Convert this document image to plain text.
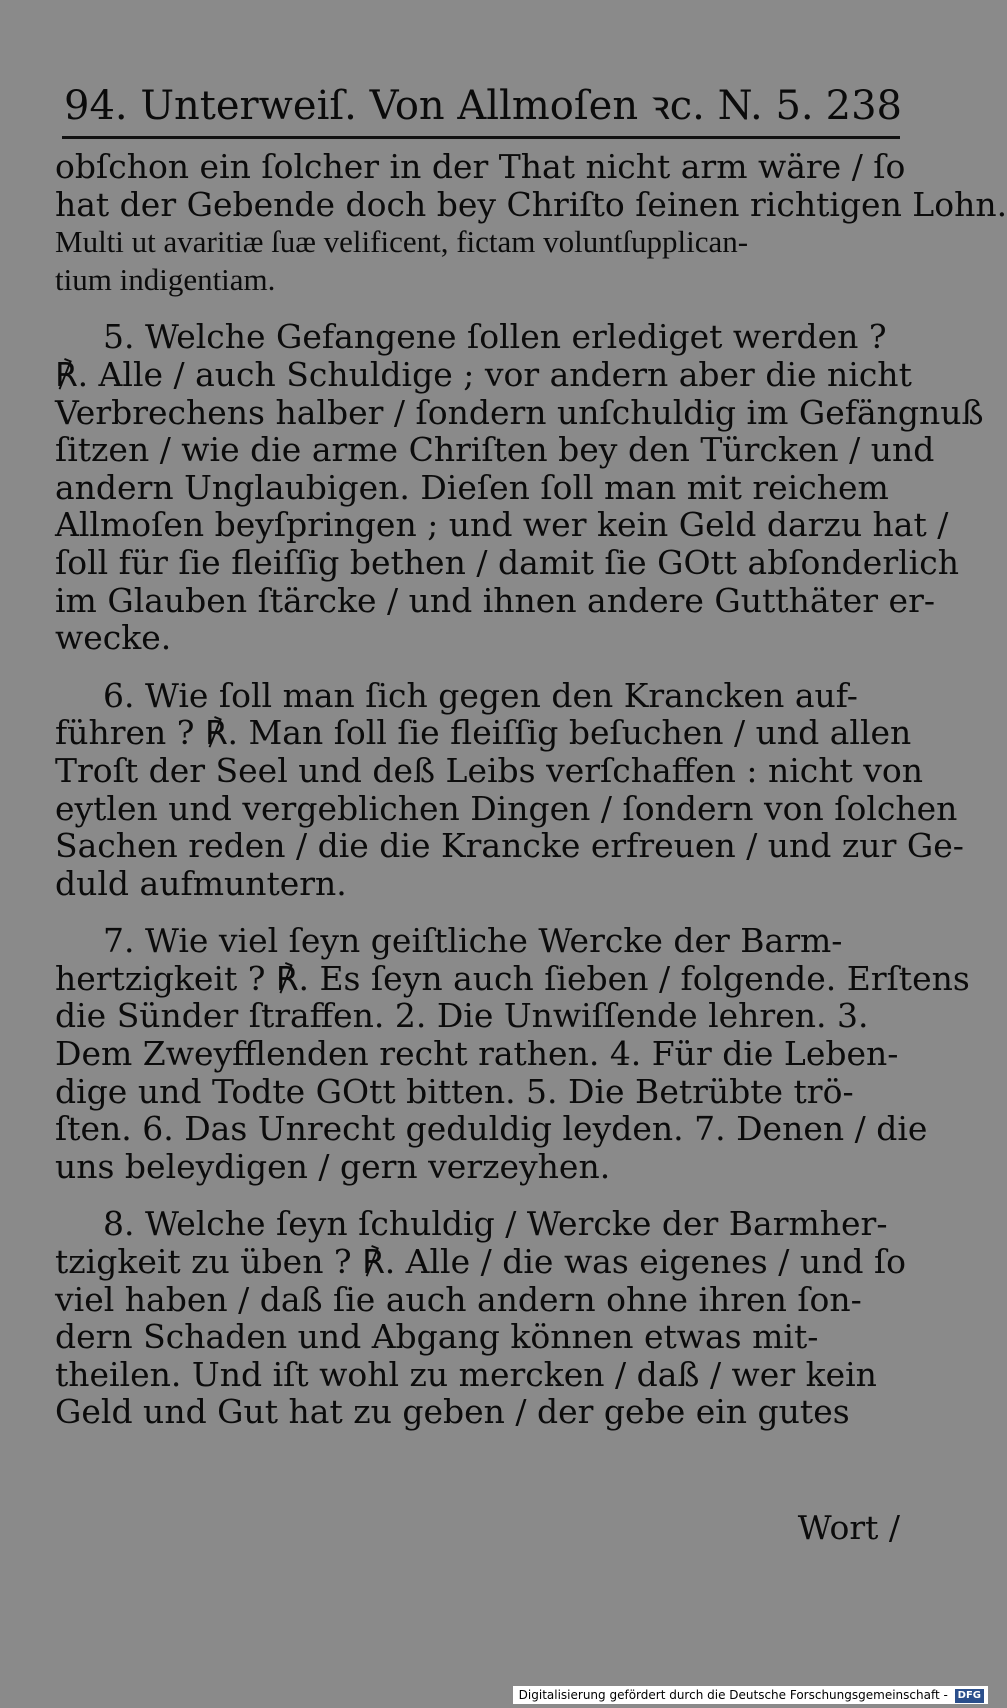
94. Unterweiſ. Von Allmoſen ꝛc. N. 5. 238
obſchon ein ſolcher in der That nicht arm wäre / ſo
hat der Gebende doch bey Chriſto ſeinen richtigen Lohn.
Multi ut avaritiæ ſuæ velificent, fictam voluntſupplican-
tium indigentiam.
5. Welche Gefangene ſollen erlediget werden ?
℟. Alle / auch Schuldige ; vor andern aber die nicht
Verbrechens halber / ſondern unſchuldig im Gefängnuß
ſitzen / wie die arme Chriſten bey den Türcken / und
andern Unglaubigen. Dieſen ſoll man mit reichem
Allmoſen beyſpringen ; und wer kein Geld darzu hat /
ſoll für ſie fleiſſig bethen / damit ſie GOtt abſonderlich
im Glauben ſtärcke / und ihnen andere Gutthäter er-
wecke.
6. Wie ſoll man ſich gegen den Krancken auf-
führen ? ℟. Man ſoll ſie fleiſſig beſuchen / und allen
Troſt der Seel und deß Leibs verſchaffen : nicht von
eytlen und vergeblichen Dingen / ſondern von ſolchen
Sachen reden / die die Krancke erfreuen / und zur Ge-
duld aufmuntern.
7. Wie viel ſeyn geiſtliche Wercke der Barm-
hertzigkeit ? ℟. Es ſeyn auch ſieben / folgende. Erſtens
die Sünder ſtraffen. 2. Die Unwiſſende lehren. 3.
Dem Zweyfflenden recht rathen. 4. Für die Leben-
dige und Todte GOtt bitten. 5. Die Betrübte trö-
ſten. 6. Das Unrecht geduldig leyden. 7. Denen / die
uns beleydigen / gern verzeyhen.
8. Welche ſeyn ſchuldig / Wercke der Barmher-
tzigkeit zu üben ? ℟. Alle / die was eigenes / und ſo
viel haben / daß ſie auch andern ohne ihren ſon-
dern Schaden und Abgang können etwas mit-
theilen. Und iſt wohl zu mercken / daß / wer kein
Geld und Gut hat zu geben / der gebe ein gutes
Wort /
Digitalisierung gefördert durch die Deutsche Forschungsgemeinschaft - DFG
